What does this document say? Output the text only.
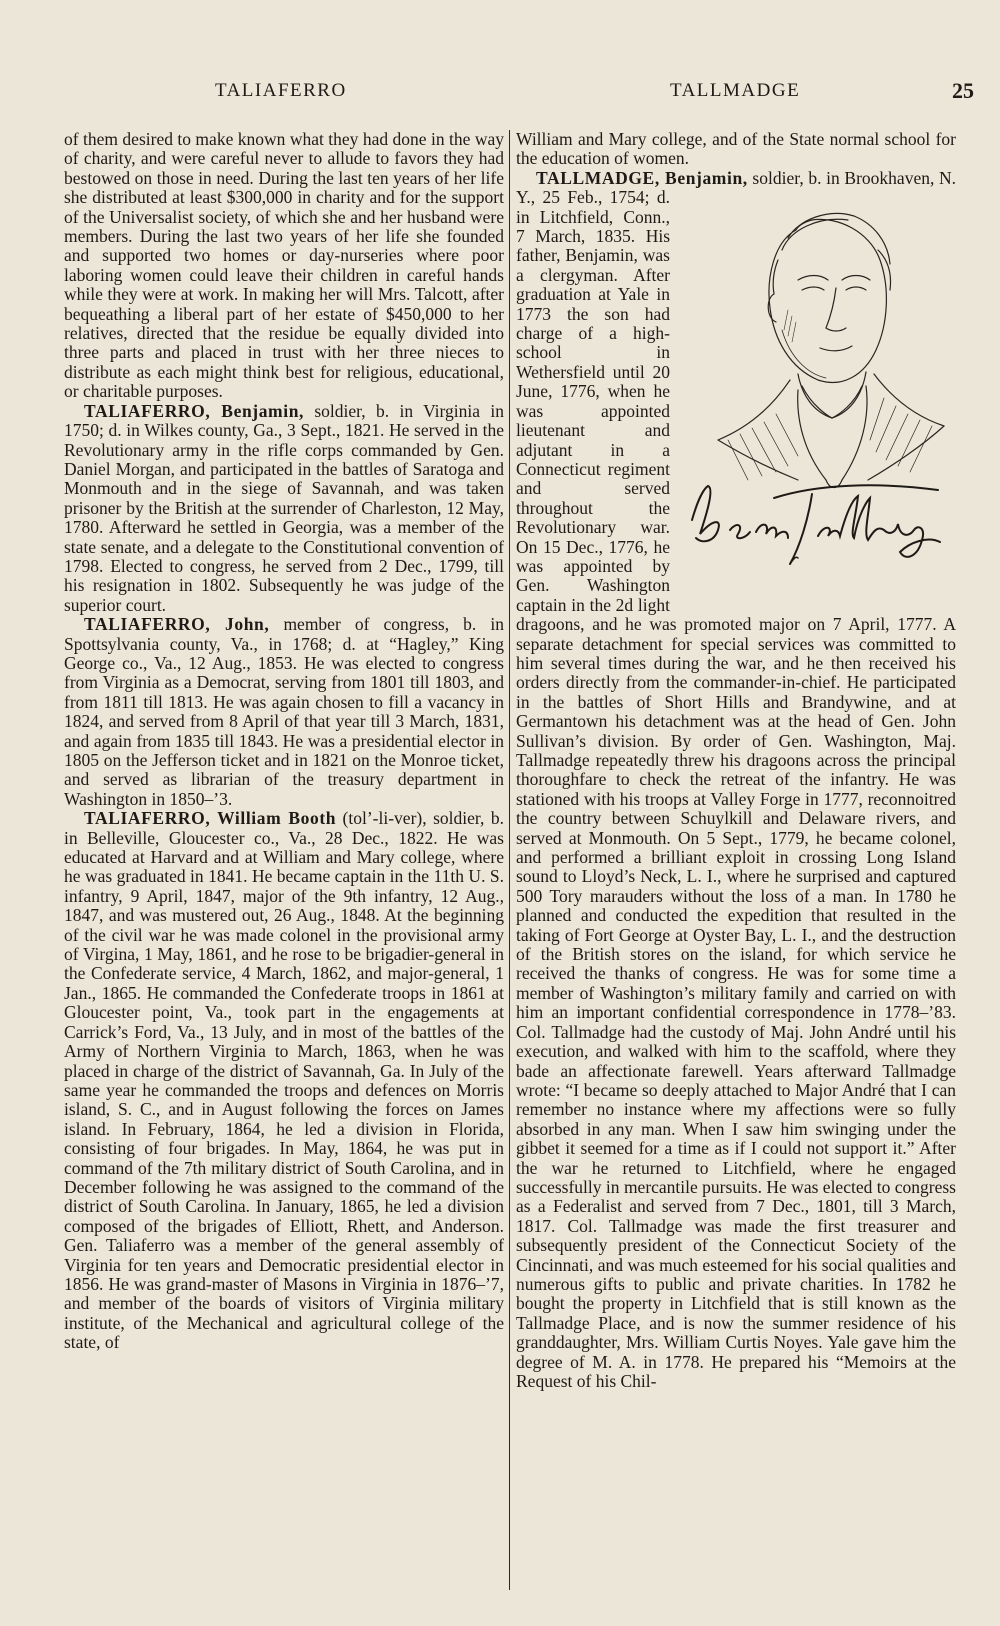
TALIAFERRO	TALLMADGE	25

of them desired to make known what they had done in the way of charity, and were careful never to allude to favors they had bestowed on those in need. During the last ten years of her life she distributed at least $300,000 in charity and for the support of the Universalist society, of which she and her husband were members. During the last two years of her life she founded and supported two homes or day-nurseries where poor laboring women could leave their children in careful hands while they were at work. In making her will Mrs. Talcott, after bequeathing a liberal part of her estate of $450,000 to her relatives, directed that the residue be equally divided into three parts and placed in trust with her three nieces to distribute as each might think best for religious, educational, or charitable purposes.

TALIAFERRO, Benjamin, soldier, b. in Virginia in 1750; d. in Wilkes county, Ga., 3 Sept., 1821. He served in the Revolutionary army in the rifle corps commanded by Gen. Daniel Morgan, and participated in the battles of Saratoga and Monmouth and in the siege of Savannah, and was taken prisoner by the British at the surrender of Charleston, 12 May, 1780. Afterward he settled in Georgia, was a member of the state senate, and a delegate to the Constitutional convention of 1798. Elected to congress, he served from 2 Dec., 1799, till his resignation in 1802. Subsequently he was judge of the superior court.

TALIAFERRO, John, member of congress, b. in Spottsylvania county, Va., in 1768; d. at “Hagley,” King George co., Va., 12 Aug., 1853. He was elected to congress from Virginia as a Democrat, serving from 1801 till 1803, and from 1811 till 1813. He was again chosen to fill a vacancy in 1824, and served from 8 April of that year till 3 March, 1831, and again from 1835 till 1843. He was a presidential elector in 1805 on the Jefferson ticket and in 1821 on the Monroe ticket, and served as librarian of the treasury department in Washington in 1850–’3.

TALIAFERRO, William Booth (tol’-li-ver), soldier, b. in Belleville, Gloucester co., Va., 28 Dec., 1822. He was educated at Harvard and at William and Mary college, where he was graduated in 1841. He became captain in the 11th U. S. infantry, 9 April, 1847, major of the 9th infantry, 12 Aug., 1847, and was mustered out, 26 Aug., 1848. At the beginning of the civil war he was made colonel in the provisional army of Virgina, 1 May, 1861, and he rose to be brigadier-general in the Confederate service, 4 March, 1862, and major-general, 1 Jan., 1865. He commanded the Confederate troops in 1861 at Gloucester point, Va., took part in the engagements at Carrick’s Ford, Va., 13 July, and in most of the battles of the Army of Northern Virginia to March, 1863, when he was placed in charge of the district of Savannah, Ga. In July of the same year he commanded the troops and defences on Morris island, S. C., and in August following the forces on James island. In February, 1864, he led a division in Florida, consisting of four brigades. In May, 1864, he was put in command of the 7th military district of South Carolina, and in December following he was assigned to the command of the district of South Carolina. In January, 1865, he led a division composed of the brigades of Elliott, Rhett, and Anderson. Gen. Taliaferro was a member of the general assembly of Virginia for ten years and Democratic presidential elector in 1856. He was grand-master of Masons in Virginia in 1876–’7, and member of the boards of visitors of Virginia military institute, of the Mechanical and agricultural college of the state, of

William and Mary college, and of the State normal school for the education of women.

TALLMADGE, Benjamin,
soldier, b. in Brookhaven, N. Y., 25 Feb., 1754; d. in Litchfield, Conn., 7 March, 1835. His father, Benjamin, was a clergyman. After graduation at Yale in 1773 the son had charge of a high-school in Wethersfield until 20 June, 1776, when he was appointed lieutenant and adjutant in a Connecticut regiment and served throughout the Revolutionary war. On 15 Dec., 1776, he was appointed by Gen. Washington captain in the 2d light dragoons, and he was promoted major on 7 April, 1777. A separate detachment for special services was committed to him several times during the war, and he then received his orders directly from the commander-in-chief. He participated in the battles of Short Hills and Brandywine, and at Germantown his detachment was at the head of Gen. John Sullivan’s division. By order of Gen. Washington, Maj. Tallmadge repeatedly threw his dragoons across the principal thoroughfare to check the retreat of the infantry. He was stationed with his troops at Valley Forge in 1777, reconnoitred the country between Schuylkill and Delaware rivers, and served at Monmouth. On 5 Sept., 1779, he became colonel, and performed a brilliant exploit in crossing Long Island sound to Lloyd’s Neck, L. I., where he surprised and captured 500 Tory marauders without the loss of a man. In 1780 he planned and conducted the expedition that resulted in the taking of Fort George at Oyster Bay, L. I., and the destruction of the British stores on the island, for which service he received the thanks of congress. He was for some time a member of Washington’s military family and carried on with him an important confidential correspondence in 1778–’83. Col. Tallmadge had the custody of Maj. John André until his execution, and walked with him to the scaffold, where they bade an affectionate farewell. Years afterward Tallmadge wrote: “I became so deeply attached to Major André that I can remember no instance where my affections were so fully absorbed in any man. When I saw him swinging under the gibbet it seemed for a time as if I could not support it.” After the war he returned to Litchfield, where he engaged successfully in mercantile pursuits. He was elected to congress as a Federalist and served from 7 Dec., 1801, till 3 March, 1817. Col. Tallmadge was made the first treasurer and subsequently president of the Connecticut Society of the Cincinnati, and was much esteemed for his social qualities and numerous gifts to public and private charities. In 1782 he bought the property in Litchfield that is still known as the Tallmadge Place, and is now the summer residence of his granddaughter, Mrs. William Curtis Noyes. Yale gave him the degree of M. A. in 1778. He prepared his “Memoirs at the Request of his Chil-
